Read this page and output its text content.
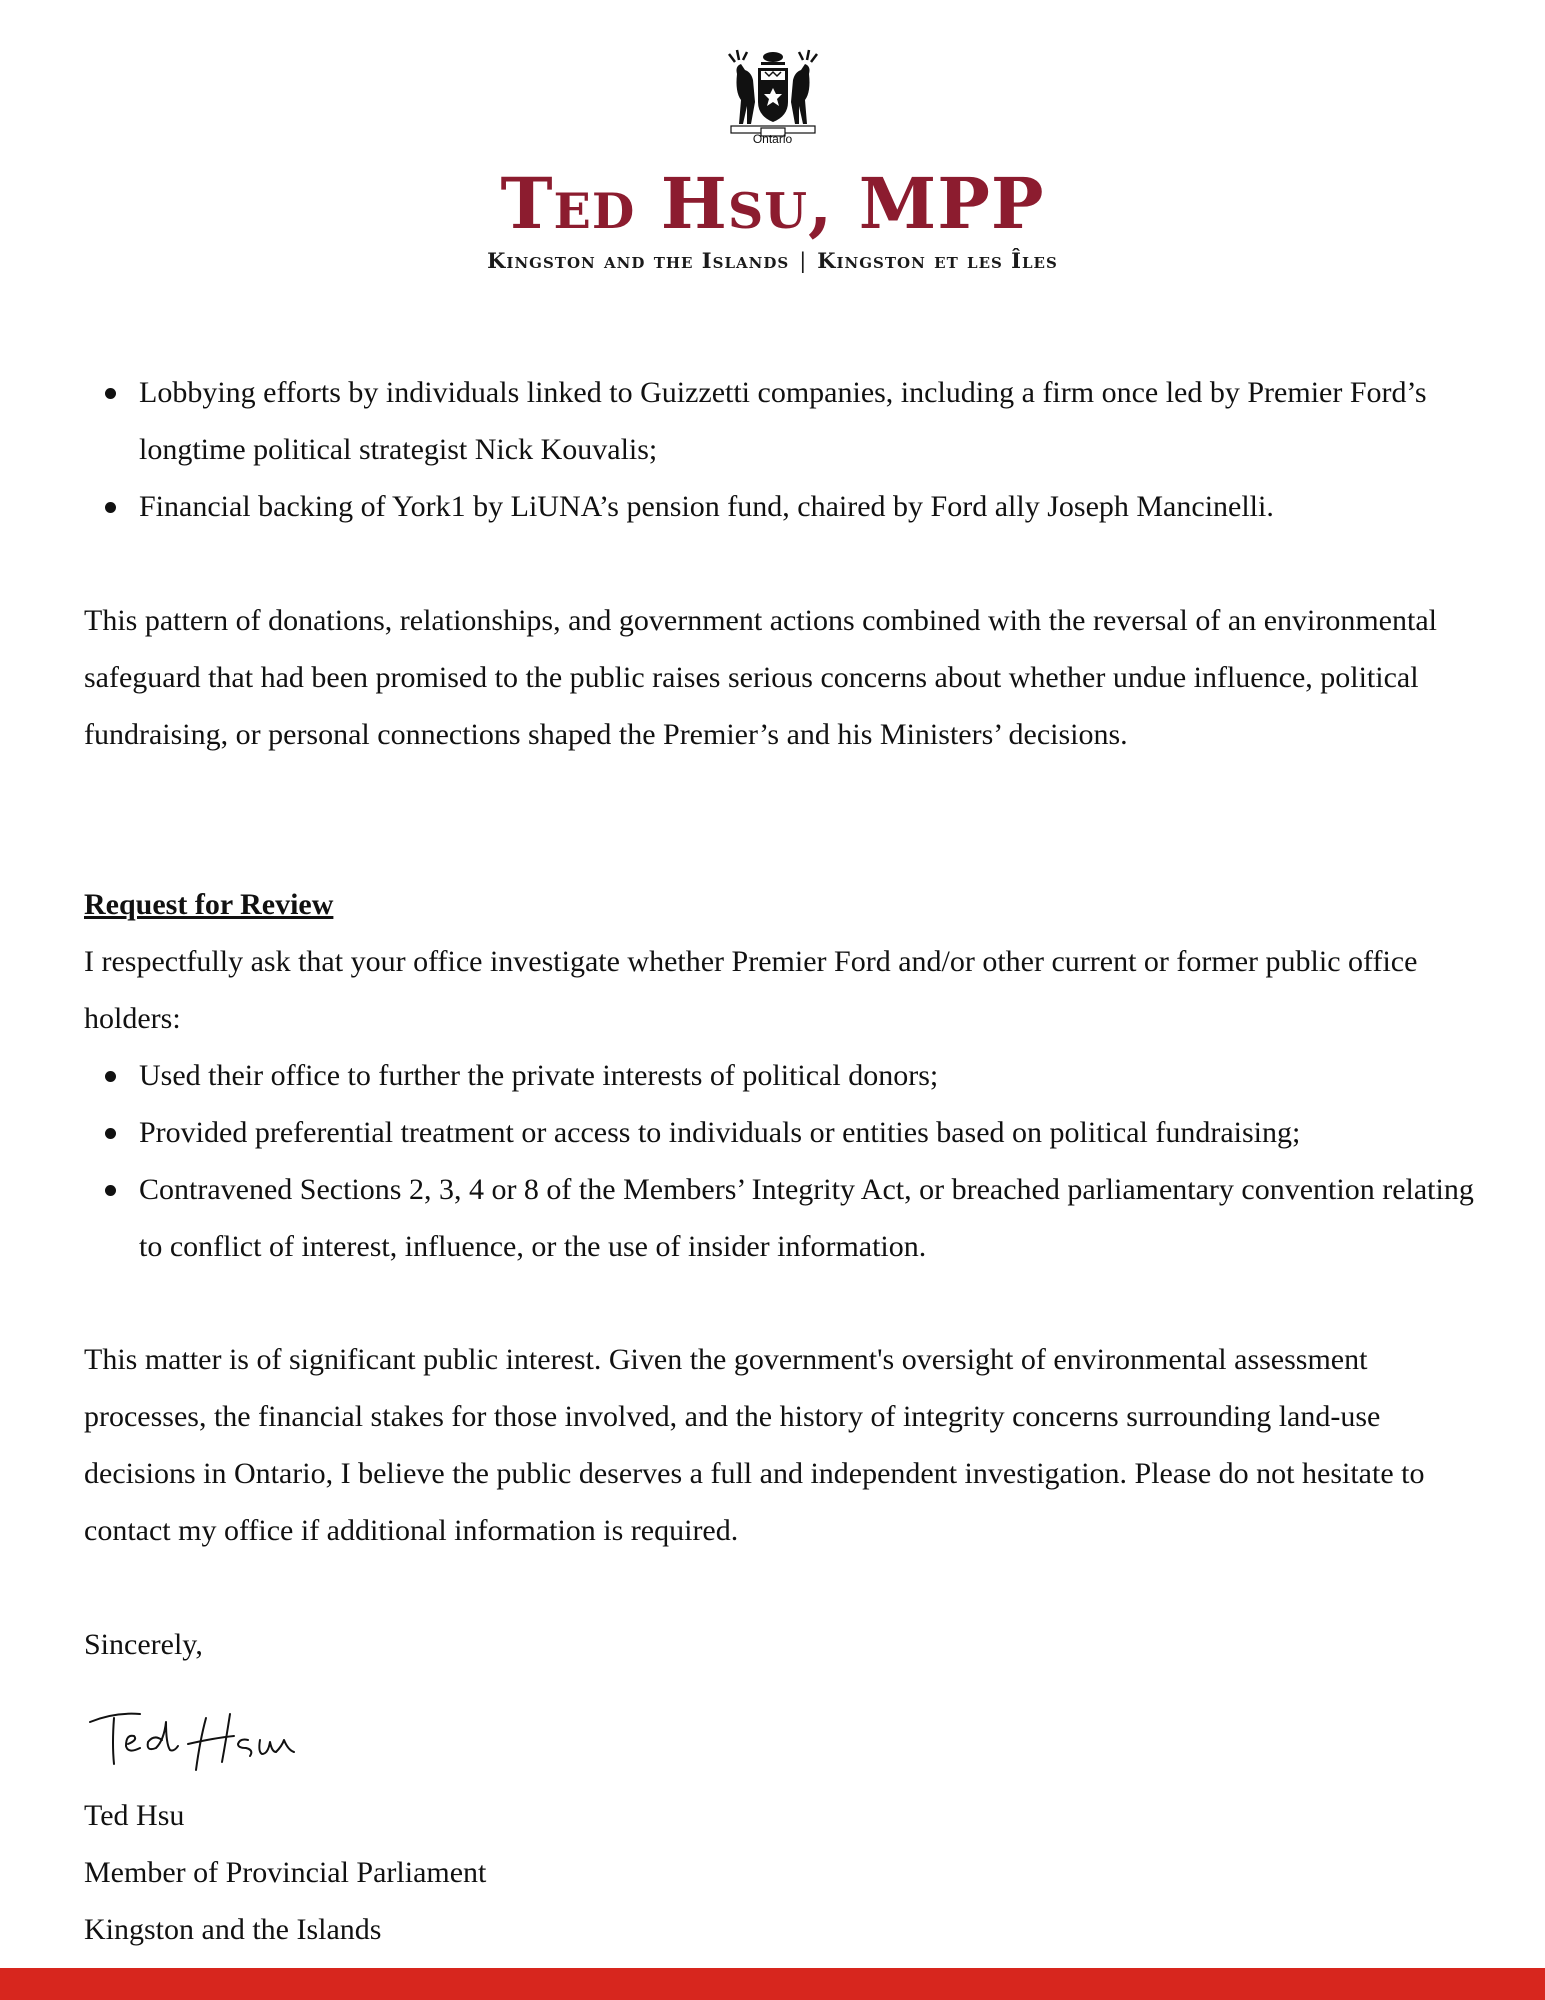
Ontario
Ted Hsu, MPP
Kingston and the Islands | Kingston et les Îles
Lobbying efforts by individuals linked to Guizzetti companies, including a firm once led by Premier Ford’s longtime political strategist Nick Kouvalis;
Financial backing of York1 by LiUNA’s pension fund, chaired by Ford ally Joseph Mancinelli.

This pattern of donations, relationships, and government actions combined with the reversal of an environmental safeguard that had been promised to the public raises serious concerns about whether undue influence, political fundraising, or personal connections shaped the Premier’s and his Ministers’ decisions.

Request for Review

I respectfully ask that your office investigate whether Premier Ford and/or other current or former public office holders:

Used their office to further the private interests of political donors;
Provided preferential treatment or access to individuals or entities based on political fundraising;
Contravened Sections 2, 3, 4 or 8 of the Members’ Integrity Act, or breached parliamentary convention relating to conflict of interest, influence, or the use of insider information.

This matter is of significant public interest. Given the government's oversight of environmental assessment processes, the financial stakes for those involved, and the history of integrity concerns surrounding land-use decisions in Ontario, I believe the public deserves a full and independent investigation. Please do not hesitate to contact my office if additional information is required.

Sincerely,

Ted Hsu

Member of Provincial Parliament

Kingston and the Islands
